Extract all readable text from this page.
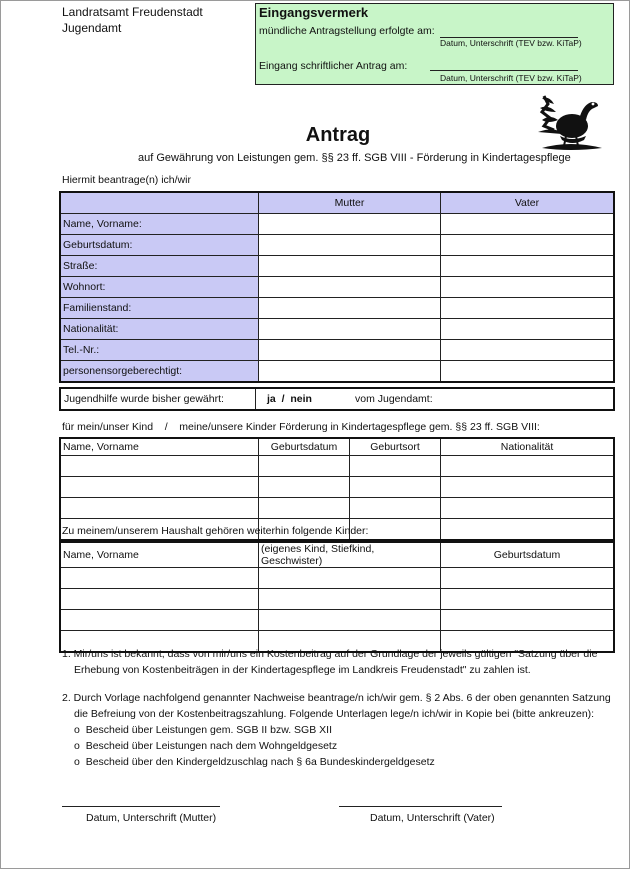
Landratsamt Freudenstadt
Jugendamt
Eingangsvermerk
mündliche Antragstellung erfolgte am:
Datum, Unterschrift (TEV bzw. KiTaP)
Eingang schriftlicher Antrag am:
Datum, Unterschrift (TEV bzw. KiTaP)
Antrag
auf Gewährung von Leistungen gem. §§ 23 ff. SGB VIII - Förderung in Kindertagespflege
Hiermit beantrage(n) ich/wir
	Mutter	Vater
Name, Vorname:		
Geburtsdatum:		
Straße:		
Wohnort:		
Familienstand:		
Nationalität:		
Tel.-Nr.:		
personensorgeberechtigt:		
Jugendhilfe wurde bisher gewährt:	ja  /  nein	vom Jugendamt:
für mein/unser Kind    /    meine/unsere Kinder Förderung in Kindertagespflege gem. §§ 23 ff. SGB VIII:
Name, Vorname	Geburtsdatum	Geburtsort	Nationalität

Zu meinem/unserem Haushalt gehören weiterhin folgende Kinder:
Name, Vorname	(eigenes Kind, Stiefkind, Geschwister)	Geburtsdatum

1. Mir/uns ist bekannt, dass von mir/uns ein Kostenbeitrag auf der Grundlage der jeweils gültigen "Satzung über die
Erhebung von Kostenbeiträgen in der Kindertagespflege im Landkreis Freudenstadt" zu zahlen ist.
2. Durch Vorlage nachfolgend genannter Nachweise beantrage/n ich/wir gem. § 2 Abs. 6 der oben genannten Satzung
die Befreiung von der Kostenbeitragszahlung. Folgende Unterlagen lege/n ich/wir in Kopie bei (bitte ankreuzen):
o Bescheid über Leistungen gem. SGB II bzw. SGB XII
o Bescheid über Leistungen nach dem Wohngeldgesetz
o Bescheid über den Kindergeldzuschlag nach § 6a Bundeskindergeldgesetz
Datum, Unterschrift (Mutter)	Datum, Unterschrift (Vater)
